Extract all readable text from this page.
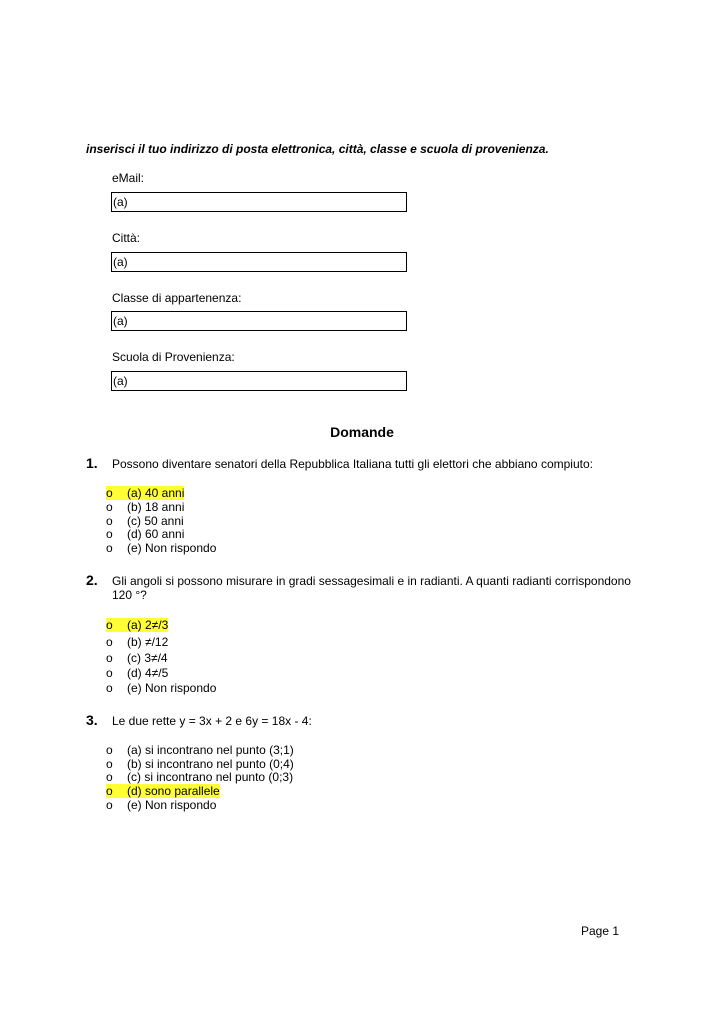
inserisci il tuo indirizzo di posta elettronica, città, classe e scuola di provenienza.
eMail:
(a)
Città:
(a)
Classe di appartenenza:
(a)
Scuola di Provenienza:
(a)
Domande
1. Possono diventare senatori della Repubblica Italiana tutti gli elettori che abbiano compiuto:
o (a) 40 anni
o (b) 18 anni
o (c) 50 anni
o (d) 60 anni
o (e) Non rispondo
2. Gli angoli si possono misurare in gradi sessagesimali e in radianti. A quanti radianti corrispondono 120 °?
o (a) 2≠/3
o (b) ≠/12
o (c) 3≠/4
o (d) 4≠/5
o (e) Non rispondo
3. Le due rette y = 3x + 2 e 6y = 18x - 4:
o (a) si incontrano nel punto (3;1)
o (b) si incontrano nel punto (0;4)
o (c) si incontrano nel punto (0;3)
o (d) sono parallele
o (e) Non rispondo
Page 1
